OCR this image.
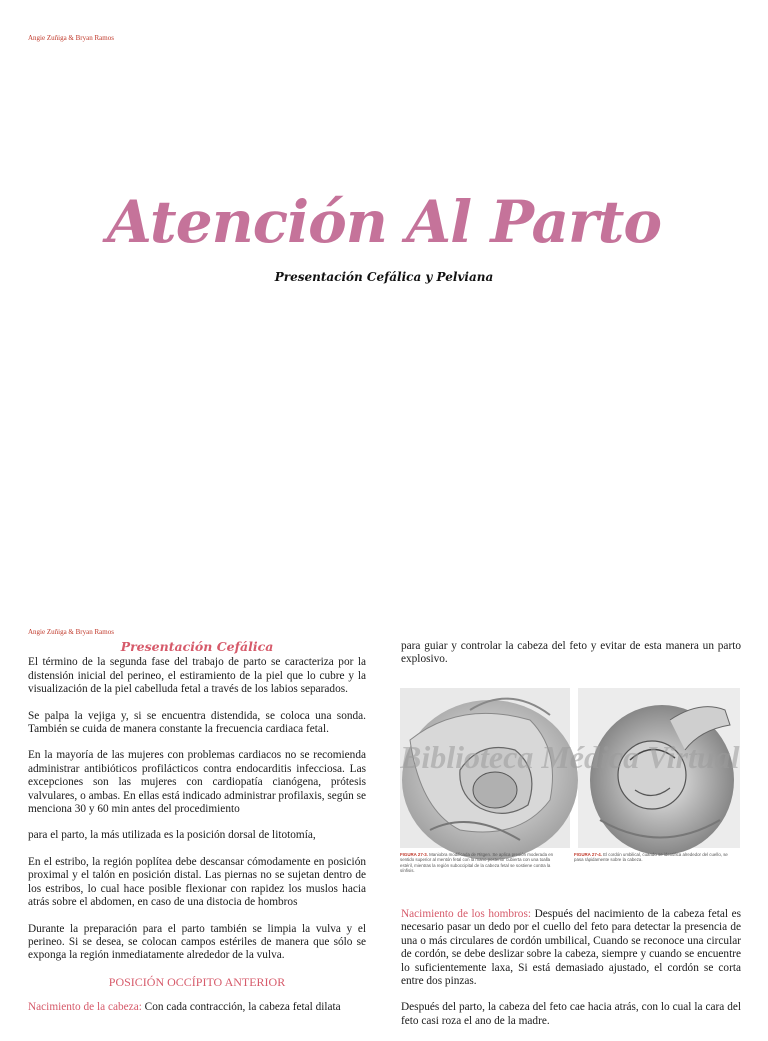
Angie Zuñiga & Bryan Ramos
Atención Al Parto
Presentación Cefálica y Pelviana
Angie Zuñiga & Bryan Ramos
Presentación Cefálica

El término de la segunda fase del trabajo de parto se caracteriza por la distensión inicial del perineo, el estiramiento de la piel que lo cubre y la visualización de la piel cabelluda fetal a través de los labios separados.

Se palpa la vejiga y, si se encuentra distendida, se coloca una sonda. También se cuida de manera constante la frecuencia cardiaca fetal.

En la mayoría de las mujeres con problemas cardiacos no se recomienda administrar antibióticos profilácticos contra endocarditis infecciosa. Las excepciones son las mujeres con cardiopatía cianógena, prótesis valvulares, o ambas. En ellas está indicado administrar profilaxis, según se menciona 30 y 60 min antes del procedimiento

para el parto, la más utilizada es la posición dorsal de litotomía,

En el estribo, la región poplítea debe descansar cómodamente en posición proximal y el talón en posición distal. Las piernas no se sujetan dentro de los estribos, lo cual hace posible flexionar con rapidez los muslos hacia atrás sobre el abdomen, en caso de una distocia de hombros

Durante la preparación para el parto también se limpia la vulva y el perineo. Si se desea, se colocan campos estériles de manera que sólo se exponga la región inmediatamente alrededor de la vulva.

POSICIÓN OCCÍPITO ANTERIOR

Nacimiento de la cabeza: Con cada contracción, la cabeza fetal dilata

para guiar y controlar la cabeza del feto y evitar de esta manera un parto explosivo.

Biblioteca Médica Virtual
FIGURA 27-3. Maniobra modificada de Ritgen. Se aplica presión moderada en sentido superior al mentón fetal con la mano posterior cubierta con una toalla estéril, mientras la región suboccipital de la cabeza fetal se sostiene contra la sínfisis.
FIGURA 27-4. El cordón umbilical, cuando se identifica alrededor del cuello, se pasa rápidamente sobre la cabeza.

Nacimiento de los hombros: Después del nacimiento de la cabeza fetal es necesario pasar un dedo por el cuello del feto para detectar la presencia de una o más circulares de cordón umbilical, Cuando se reconoce una circular de cordón, se debe deslizar sobre la cabeza, siempre y cuando se encuentre lo suficientemente laxa, Si está demasiado ajustado, el cordón se corta entre dos pinzas.

Después del parto, la cabeza del feto cae hacia atrás, con lo cual la cara del feto casi roza el ano de la madre.
